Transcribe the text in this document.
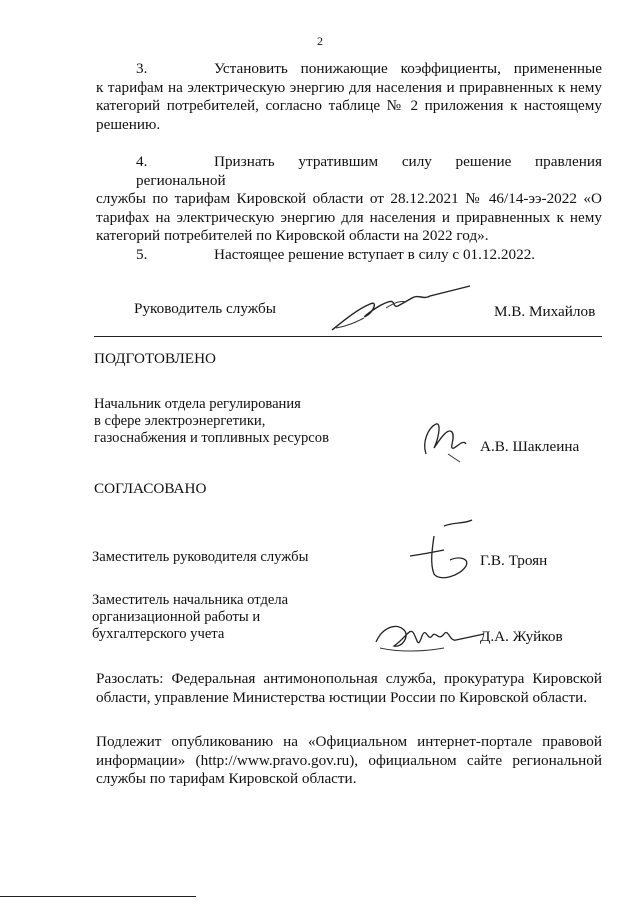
2
3.	Установить понижающие коэффициенты, примененные
к тарифам на электрическую энергию для населения и приравненных к нему категорий потребителей, согласно таблице № 2 приложения к настоящему решению.
4.	Признать утратившим силу решение правления региональной
службы по тарифам Кировской области от 28.12.2021 № 46/14-ээ-2022 «О тарифах на электрическую энергию для населения и приравненных к нему категорий потребителей по Кировской области на 2022 год».
5.	Настоящее решение вступает в силу с 01.12.2022.
Руководитель службы	М.В. Михайлов
ПОДГОТОВЛЕНО
Начальник отдела регулирования
в сфере электроэнергетики,
газоснабжения и топливных ресурсов	А.В. Шаклеина
СОГЛАСОВАНО
Заместитель руководителя службы	Г.В. Троян
Заместитель начальника отдела
организационной работы и
бухгалтерского учета	Д.А. Жуйков
Разослать: Федеральная антимонопольная служба, прокуратура Кировской области, управление Министерства юстиции России по Кировской области.
Подлежит опубликованию на «Официальном интернет-портале правовой информации» (http://www.pravo.gov.ru), официальном сайте региональной службы по тарифам Кировской области.
